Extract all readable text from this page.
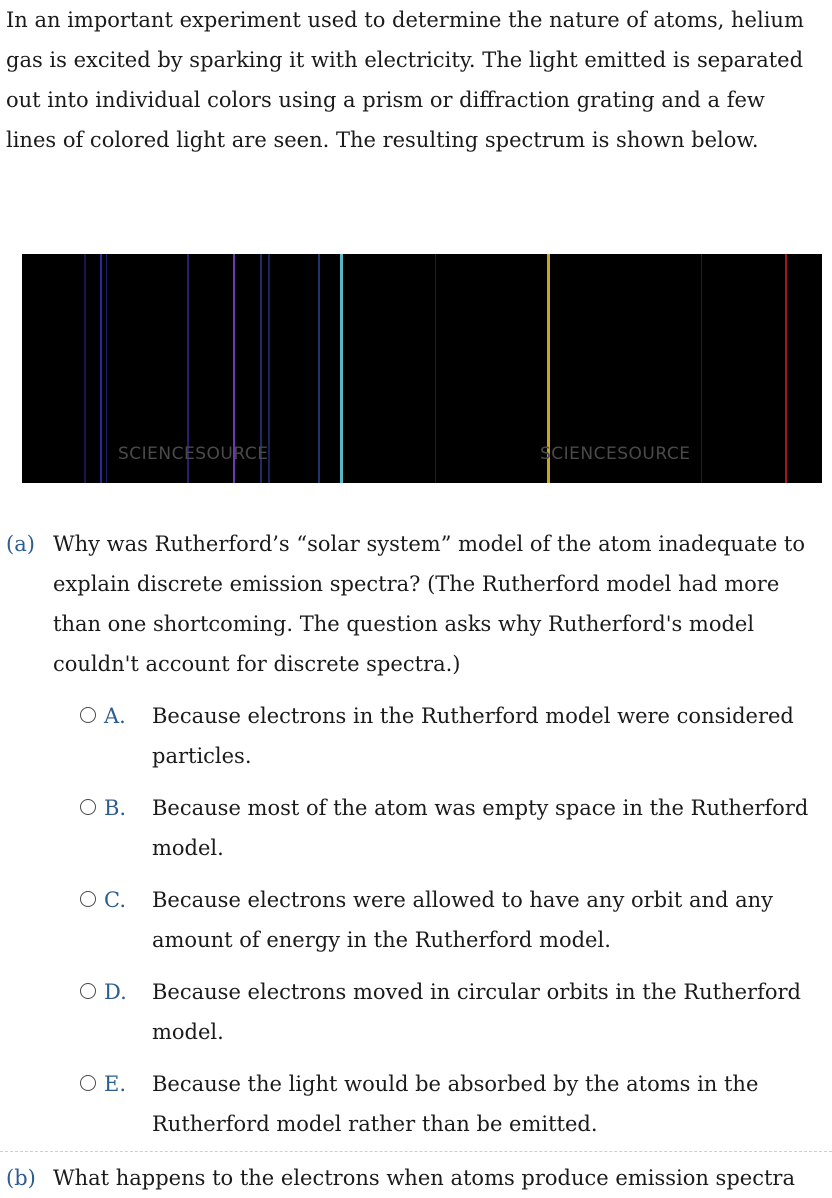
In an important experiment used to determine the nature of atoms, helium gas is excited by sparking it with electricity. The light emitted is separated out into individual colors using a prism or diffraction grating and a few lines of colored light are seen. The resulting spectrum is shown below.

SCIENCESOURCE	SCIENCESOURCE
(a) Why was Rutherford’s “solar system” model of the atom inadequate to explain discrete emission spectra? (The Rutherford model had more than one shortcoming. The question asks why Rutherford's model couldn't account for discrete spectra.)
A. Because electrons in the Rutherford model were considered particles.
B. Because most of the atom was empty space in the Rutherford model.
C. Because electrons were allowed to have any orbit and any amount of energy in the Rutherford model.
D. Because electrons moved in circular orbits in the Rutherford model.
E. Because the light would be absorbed by the atoms in the Rutherford model rather than be emitted.
(b) What happens to the electrons when atoms produce emission spectra
